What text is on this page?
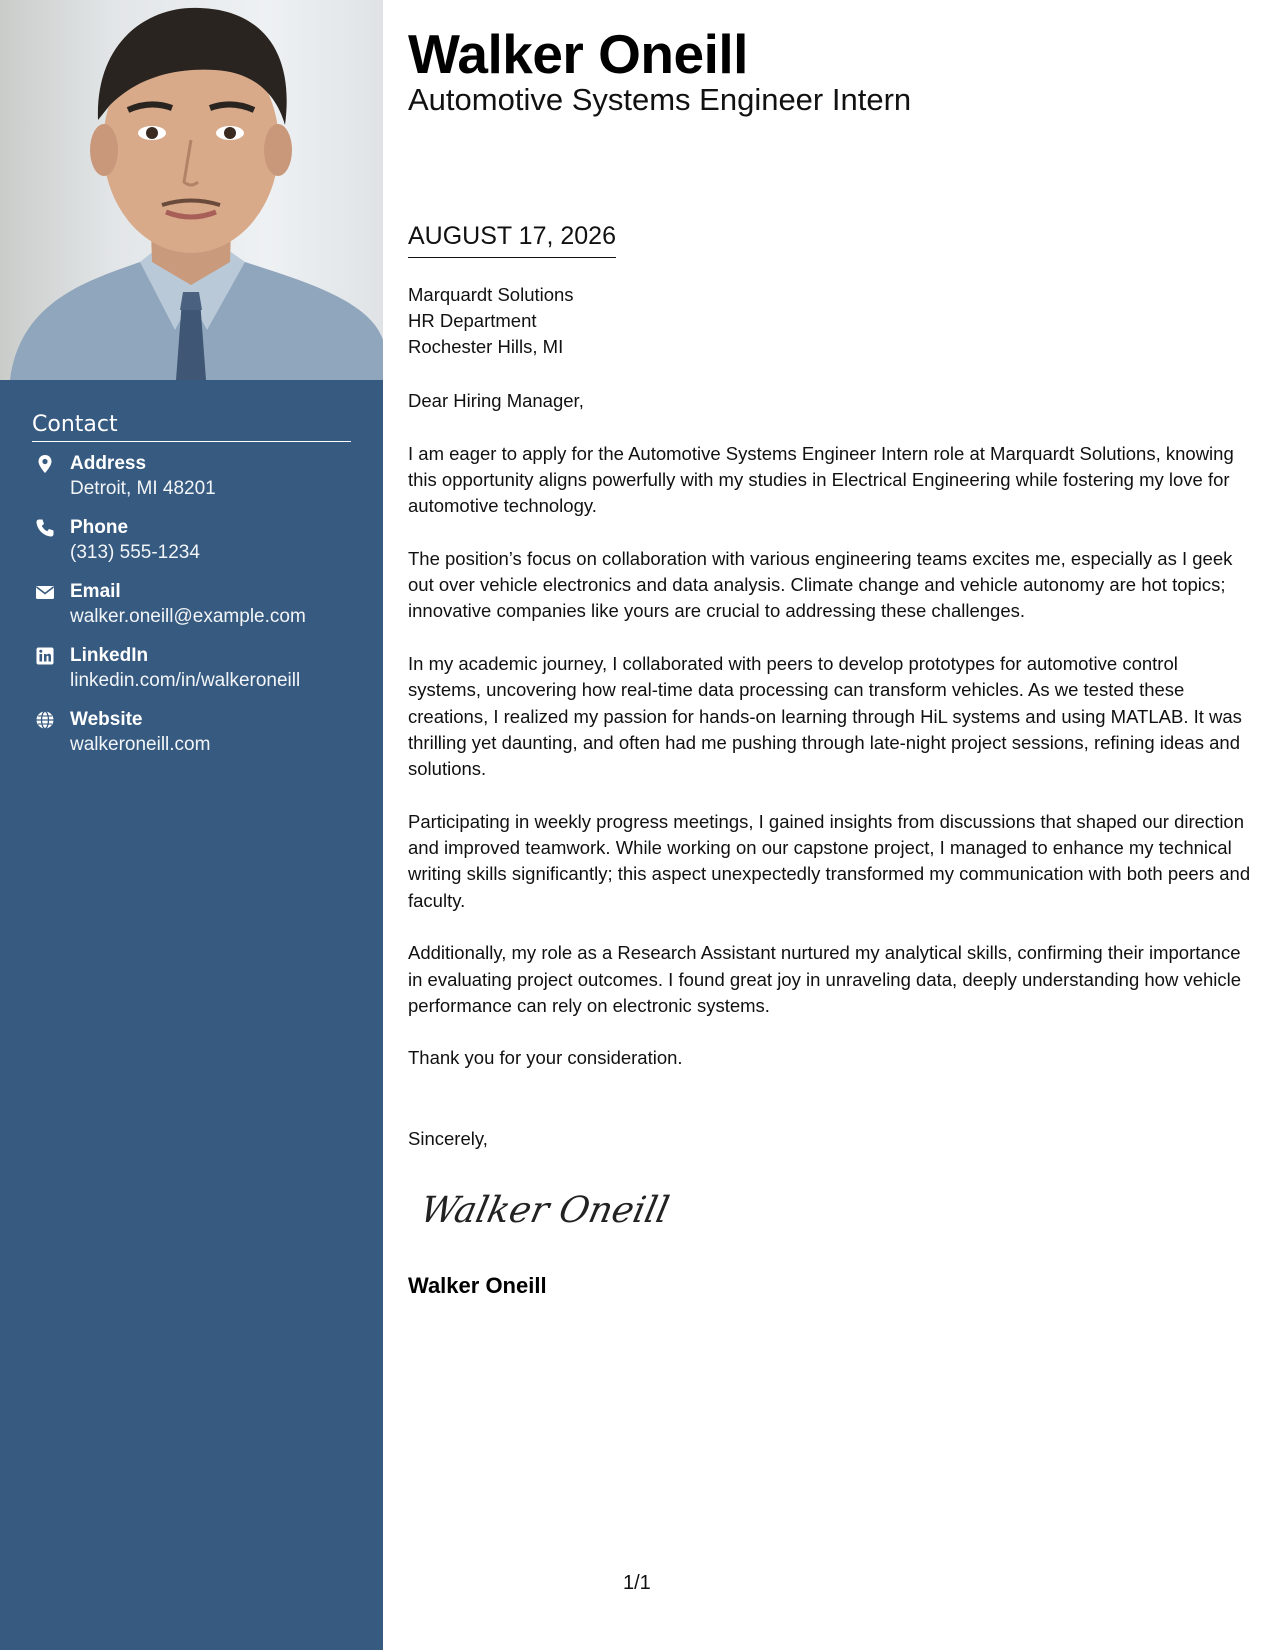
Contact
Address
Detroit, MI 48201
Phone
(313) 555-1234
Email
walker.oneill@example.com
LinkedIn
linkedin.com/in/walkeroneill
Website
walkeroneill.com
Walker Oneill
Automotive Systems Engineer Intern
AUGUST 17, 2026
Marquardt Solutions
HR Department
Rochester Hills, MI

Dear Hiring Manager,

I am eager to apply for the Automotive Systems Engineer Intern role at Marquardt Solutions, knowing this opportunity aligns powerfully with my studies in Electrical Engineering while fostering my love for automotive technology.

The position’s focus on collaboration with various engineering teams excites me, especially as I geek out over vehicle electronics and data analysis. Climate change and vehicle autonomy are hot topics; innovative companies like yours are crucial to addressing these challenges.

In my academic journey, I collaborated with peers to develop prototypes for automotive control systems, uncovering how real-time data processing can transform vehicles. As we tested these creations, I realized my passion for hands-on learning through HiL systems and using MATLAB. It was thrilling yet daunting, and often had me pushing through late-night project sessions, refining ideas and solutions.

Participating in weekly progress meetings, I gained insights from discussions that shaped our direction and improved teamwork. While working on our capstone project, I managed to enhance my technical writing skills significantly; this aspect unexpectedly transformed my communication with both peers and faculty.

Additionally, my role as a Research Assistant nurtured my analytical skills, confirming their importance in evaluating project outcomes. I found great joy in unraveling data, deeply understanding how vehicle performance can rely on electronic systems.

Thank you for your consideration.

Sincerely,
Walker Oneill
Walker Oneill
1/1
